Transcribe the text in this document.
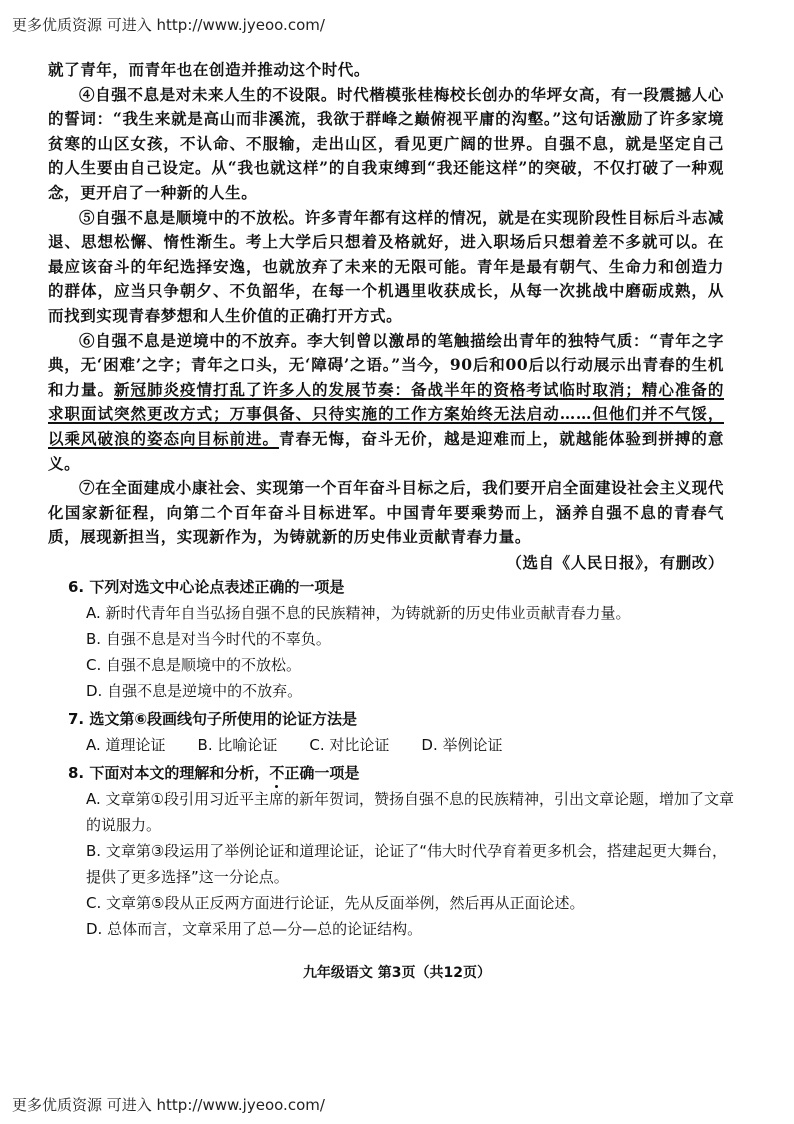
更多优质资源 可进入 http://www.jyeoo.com/

就了青年，而青年也在创造并推动这个时代。

④自强不息是对未来人生的不设限。时代楷模张桂梅校长创办的华坪女高，有一段震撼人心的誓词：“我生来就是高山而非溪流，我欲于群峰之巅俯视平庸的沟壑。”这句话激励了许多家境贫寒的山区女孩，不认命、不服输，走出山区，看见更广阔的世界。自强不息，就是坚定自己的人生要由自己设定。从“我也就这样”的自我束缚到“我还能这样”的突破，不仅打破了一种观念，更开启了一种新的人生。

⑤自强不息是顺境中的不放松。许多青年都有这样的情况，就是在实现阶段性目标后斗志减退、思想松懈、惰性渐生。考上大学后只想着及格就好，进入职场后只想着差不多就可以。在最应该奋斗的年纪选择安逸，也就放弃了未来的无限可能。青年是最有朝气、生命力和创造力的群体，应当只争朝夕、不负韶华，在每一个机遇里收获成长，从每一次挑战中磨砺成熟，从而找到实现青春梦想和人生价值的正确打开方式。

⑥自强不息是逆境中的不放弃。李大钊曾以激昂的笔触描绘出青年的独特气质：“青年之字典，无‘困难’之字；青年之口头，无‘障碍’之语。”当今，90后和00后以行动展示出青春的生机和力量。新冠肺炎疫情打乱了许多人的发展节奏：备战半年的资格考试临时取消；精心准备的求职面试突然更改方式；万事俱备、只待实施的工作方案始终无法启动……但他们并不气馁，以乘风破浪的姿态向目标前进。青春无悔，奋斗无价，越是迎难而上，就越能体验到拼搏的意义。

⑦在全面建成小康社会、实现第一个百年奋斗目标之后，我们要开启全面建设社会主义现代化国家新征程，向第二个百年奋斗目标进军。中国青年要乘势而上，涵养自强不息的青春气质，展现新担当，实现新作为，为铸就新的历史伟业贡献青春力量。

（选自《人民日报》，有删改）

6. 下列对选文中心论点表述正确的一项是
A. 新时代青年自当弘扬自强不息的民族精神，为铸就新的历史伟业贡献青春力量。
B. 自强不息是对当今时代的不辜负。
C. 自强不息是顺境中的不放松。
D. 自强不息是逆境中的不放弃。
7. 选文第⑥段画线句子所使用的论证方法是
A. 道理论证 B. 比喻论证 C. 对比论证 D. 举例论证
8. 下面对本文的理解和分析，不正确一项是
A. 文章第①段引用习近平主席的新年贺词，赞扬自强不息的民族精神，引出文章论题，增加了文章的说服力。
B. 文章第③段运用了举例论证和道理论证，论证了“伟大时代孕育着更多机会，搭建起更大舞台，提供了更多选择”这一分论点。
C. 文章第⑤段从正反两方面进行论证，先从反面举例，然后再从正面论述。
D. 总体而言，文章采用了总—分—总的论证结构。
九年级语文 第3页（共12页）
更多优质资源 可进入 http://www.jyeoo.com/
